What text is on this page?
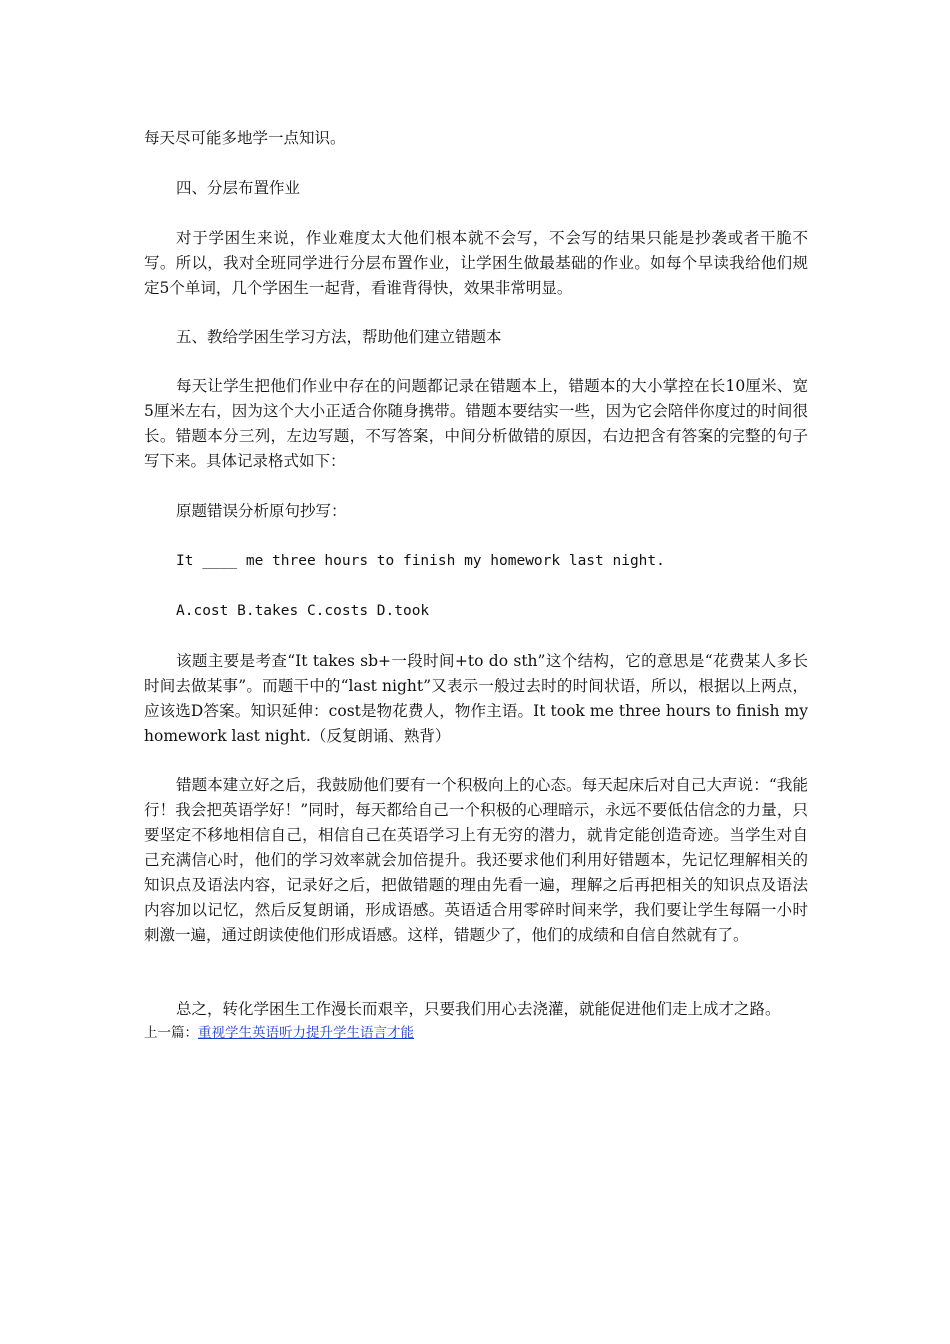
每天尽可能多地学一点知识。

四、分层布置作业

对于学困生来说，作业难度太大他们根本就不会写，不会写的结果只能是抄袭或者干脆不写。所以，我对全班同学进行分层布置作业，让学困生做最基础的作业。如每个早读我给他们规定5个单词，几个学困生一起背，看谁背得快，效果非常明显。

五、教给学困生学习方法，帮助他们建立错题本

每天让学生把他们作业中存在的问题都记录在错题本上，错题本的大小掌控在长10厘米、宽5厘米左右，因为这个大小正适合你随身携带。错题本要结实一些，因为它会陪伴你度过的时间很长。错题本分三列，左边写题，不写答案，中间分析做错的原因，右边把含有答案的完整的句子写下来。具体记录格式如下：

原题错误分析原句抄写：

It ____ me three hours to finish my homework last night.

A.cost B.takes C.costs D.took

该题主要是考查“It takes sb+一段时间+to do sth”这个结构，它的意思是“花费某人多长时间去做某事”。而题干中的“last night”又表示一般过去时的时间状语，所以，根据以上两点，应该选D答案。知识延伸：cost是物花费人，物作主语。It took me three hours to finish my homework last night.（反复朗诵、熟背）

错题本建立好之后，我鼓励他们要有一个积极向上的心态。每天起床后对自己大声说：“我能行！我会把英语学好！”同时，每天都给自己一个积极的心理暗示，永远不要低估信念的力量，只要坚定不移地相信自己，相信自己在英语学习上有无穷的潜力，就肯定能创造奇迹。当学生对自己充满信心时，他们的学习效率就会加倍提升。我还要求他们利用好错题本，先记忆理解相关的知识点及语法内容，记录好之后，把做错题的理由先看一遍，理解之后再把相关的知识点及语法内容加以记忆，然后反复朗诵，形成语感。英语适合用零碎时间来学，我们要让学生每隔一小时刺激一遍，通过朗读使他们形成语感。这样，错题少了，他们的成绩和自信自然就有了。

总之，转化学困生工作漫长而艰辛，只要我们用心去浇灌，就能促进他们走上成才之路。

上一篇：重视学生英语听力提升学生语言才能
